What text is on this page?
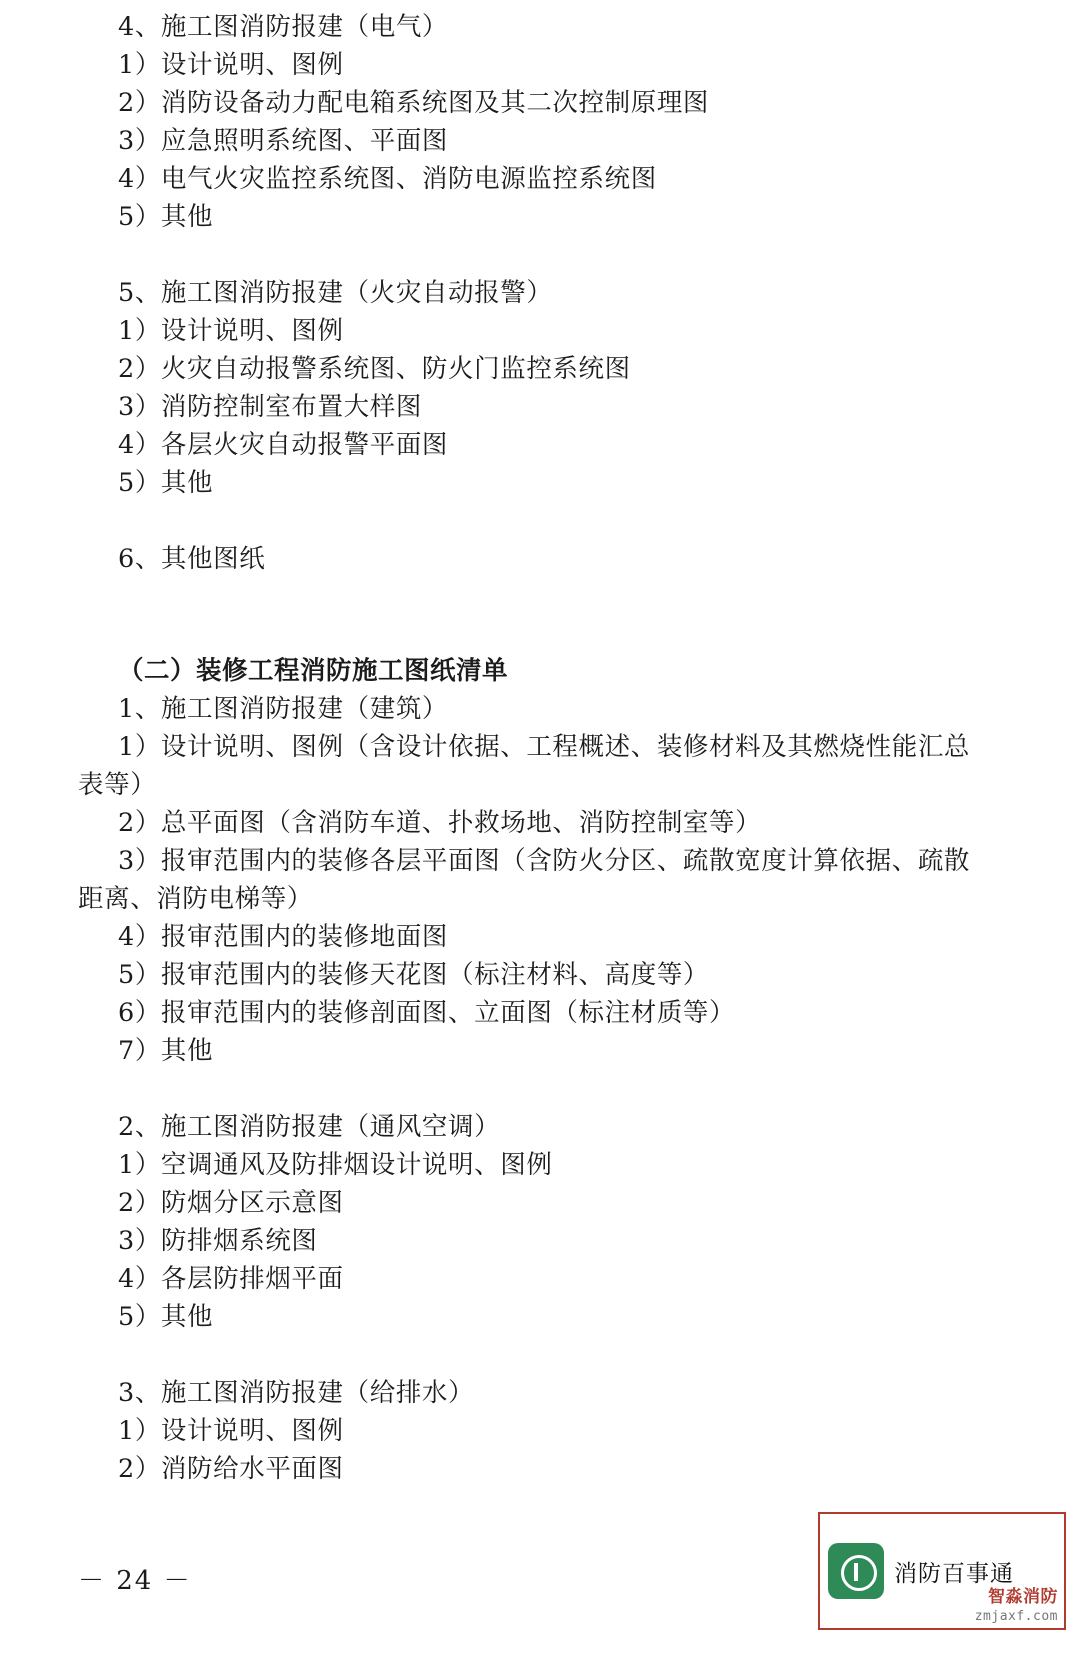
4、施工图消防报建（电气）
1）设计说明、图例
2）消防设备动力配电箱系统图及其二次控制原理图
3）应急照明系统图、平面图
4）电气火灾监控系统图、消防电源监控系统图
5）其他
5、施工图消防报建（火灾自动报警）
1）设计说明、图例
2）火灾自动报警系统图、防火门监控系统图
3）消防控制室布置大样图
4）各层火灾自动报警平面图
5）其他
6、其他图纸
（二）装修工程消防施工图纸清单
1、施工图消防报建（建筑）
1）设计说明、图例（含设计依据、工程概述、装修材料及其燃烧性能汇总
表等）
2）总平面图（含消防车道、扑救场地、消防控制室等）
3）报审范围内的装修各层平面图（含防火分区、疏散宽度计算依据、疏散
距离、消防电梯等）
4）报审范围内的装修地面图
5）报审范围内的装修天花图（标注材料、高度等）
6）报审范围内的装修剖面图、立面图（标注材质等）
7）其他
2、施工图消防报建（通风空调）
1）空调通风及防排烟设计说明、图例
2）防烟分区示意图
3）防排烟系统图
4）各层防排烟平面
5）其他
3、施工图消防报建（给排水）
1）设计说明、图例
2）消防给水平面图
－ 24 －	消防百事通
智淼消防
zmjaxf.com
